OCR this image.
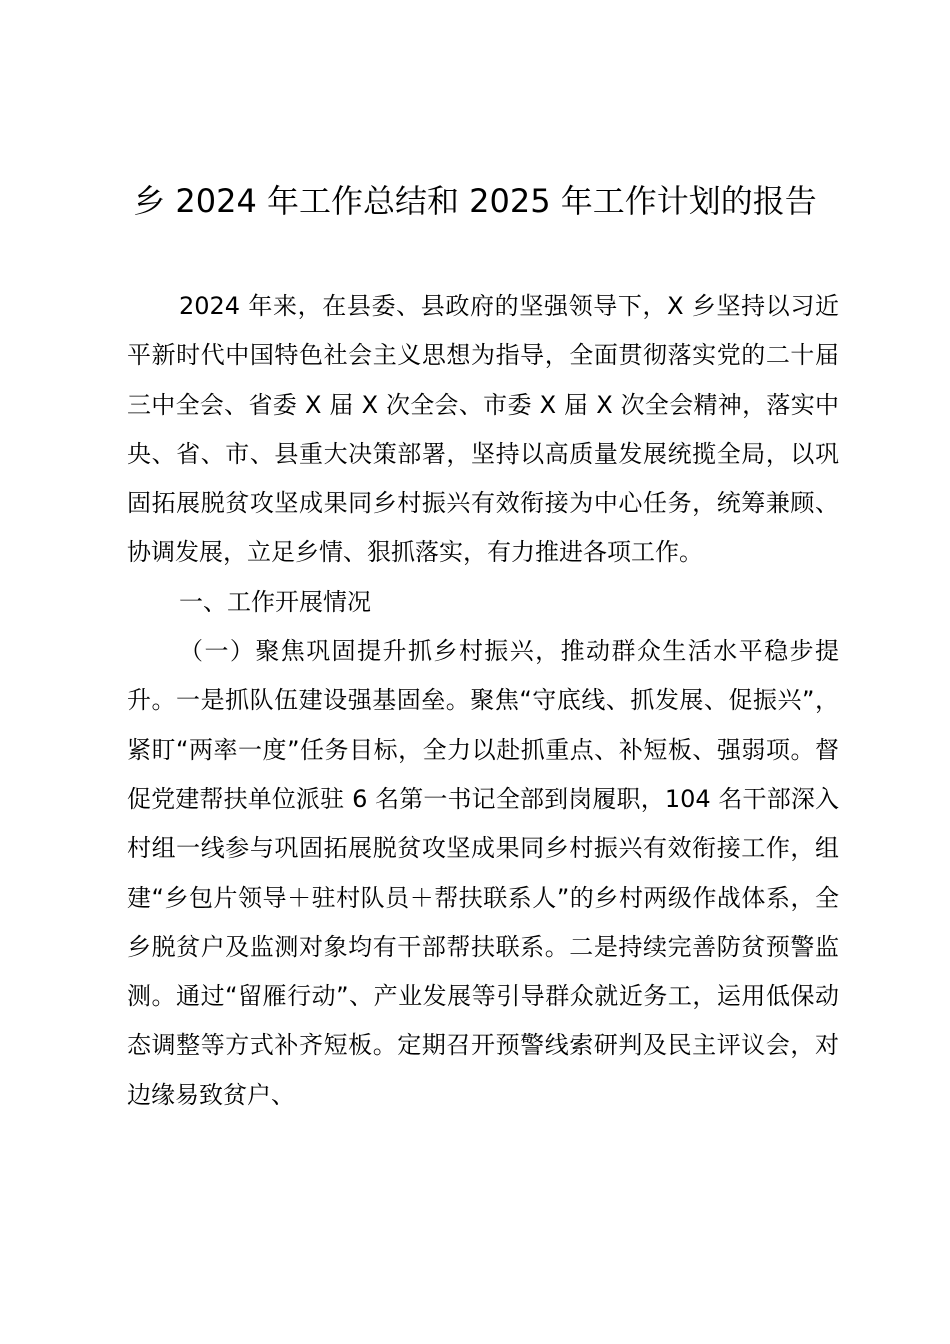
乡 2024 年工作总结和 2025 年工作计划的报告

2024 年来，在县委、县政府的坚强领导下，X 乡坚持以习近平新时代中国特色社会主义思想为指导，全面贯彻落实党的二十届三中全会、省委 X 届 X 次全会、市委 X 届 X 次全会精神，落实中央、省、市、县重大决策部署，坚持以高质量发展统揽全局，以巩固拓展脱贫攻坚成果同乡村振兴有效衔接为中心任务，统筹兼顾、协调发展，立足乡情、狠抓落实，有力推进各项工作。

一、工作开展情况

（一）聚焦巩固提升抓乡村振兴，推动群众生活水平稳步提升。一是抓队伍建设强基固垒。聚焦“守底线、抓发展、促振兴”，紧盯“两率一度”任务目标，全力以赴抓重点、补短板、强弱项。督促党建帮扶单位派驻 6 名第一书记全部到岗履职，104 名干部深入村组一线参与巩固拓展脱贫攻坚成果同乡村振兴有效衔接工作，组建“乡包片领导＋驻村队员＋帮扶联系人”的乡村两级作战体系，全乡脱贫户及监测对象均有干部帮扶联系。二是持续完善防贫预警监测。通过“留雁行动”、产业发展等引导群众就近务工，运用低保动态调整等方式补齐短板。定期召开预警线索研判及民主评议会，对边缘易致贫户、
